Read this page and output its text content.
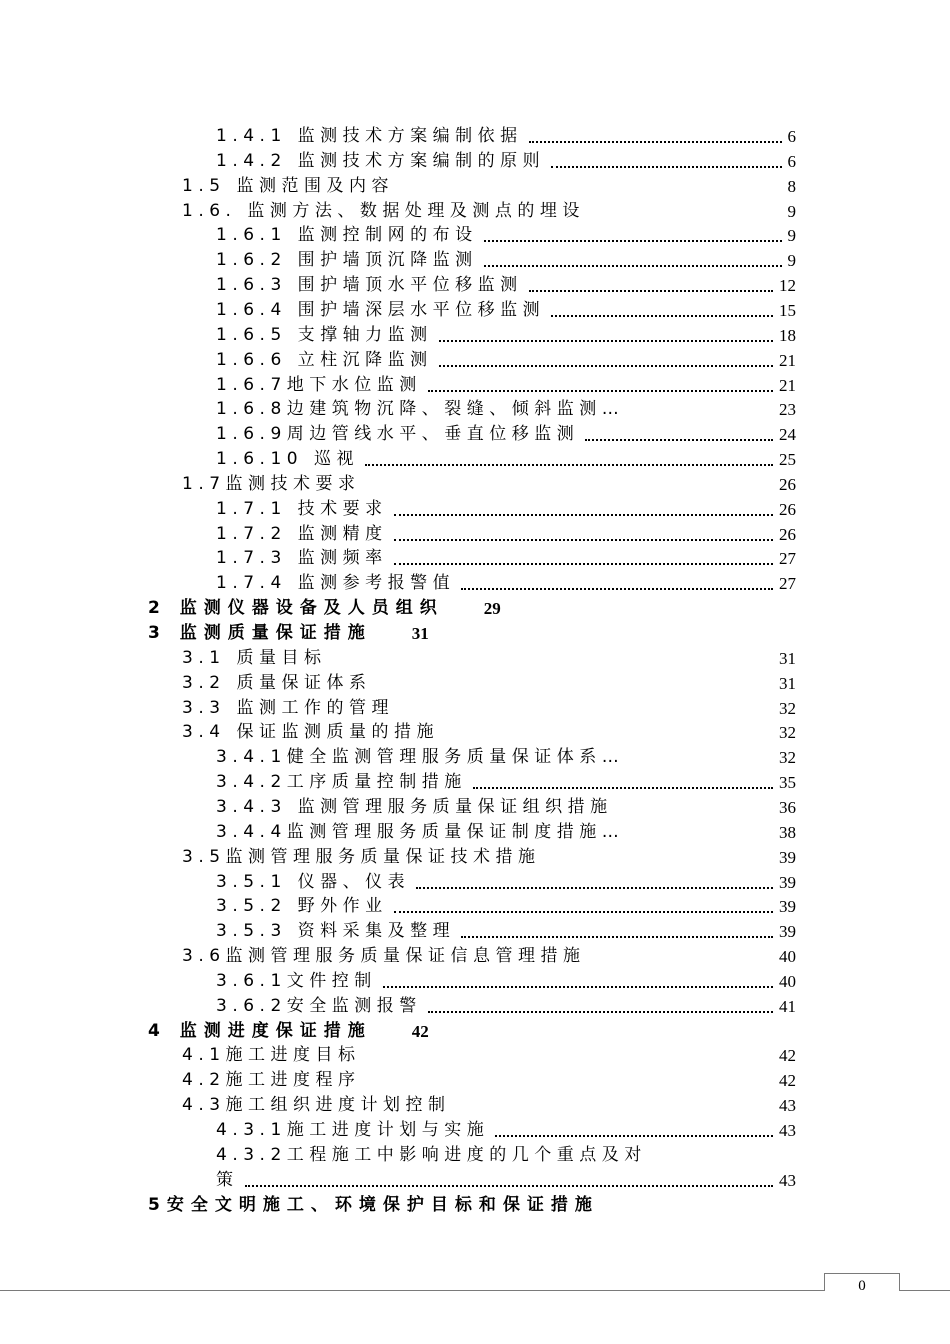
1.4.1 监测技术方案编制依据	6
1.4.2 监测技术方案编制的原则	6
1.5 监测范围及内容	8
1.6. 监测方法、数据处理及测点的埋设	9
1.6.1 监测控制网的布设	9
1.6.2 围护墙顶沉降监测	9
1.6.3 围护墙顶水平位移监测	12
1.6.4 围护墙深层水平位移监测	15
1.6.5 支撑轴力监测	18
1.6.6 立柱沉降监测	21
1.6.7地下水位监测	21
1.6.8边建筑物沉降、裂缝、倾斜监测…	23
1.6.9周边管线水平、垂直位移监测	24
1.6.10 巡视	25
1.7监测技术要求	26
1.7.1 技术要求	26
1.7.2 监测精度	26
1.7.3 监测频率	27
1.7.4 监测参考报警值	27
2 监测仪器设备及人员组织 29
3 监测质量保证措施 31
3.1 质量目标	31
3.2 质量保证体系	31
3.3 监测工作的管理	32
3.4 保证监测质量的措施	32
3.4.1健全监测管理服务质量保证体系…	32
3.4.2工序质量控制措施	35
3.4.3 监测管理服务质量保证组织措施	36
3.4.4监测管理服务质量保证制度措施…	38
3.5监测管理服务质量保证技术措施	39
3.5.1 仪器、仪表	39
3.5.2 野外作业	39
3.5.3 资料采集及整理	39
3.6监测管理服务质量保证信息管理措施	40
3.6.1文件控制	40
3.6.2安全监测报警	41
4 监测进度保证措施 42
4.1施工进度目标	42
4.2施工进度程序	42
4.3施工组织进度计划控制	43
4.3.1施工进度计划与实施	43
4.3.2工程施工中影响进度的几个重点及对
策	43
5安全文明施工、环境保护目标和保证措施
0
